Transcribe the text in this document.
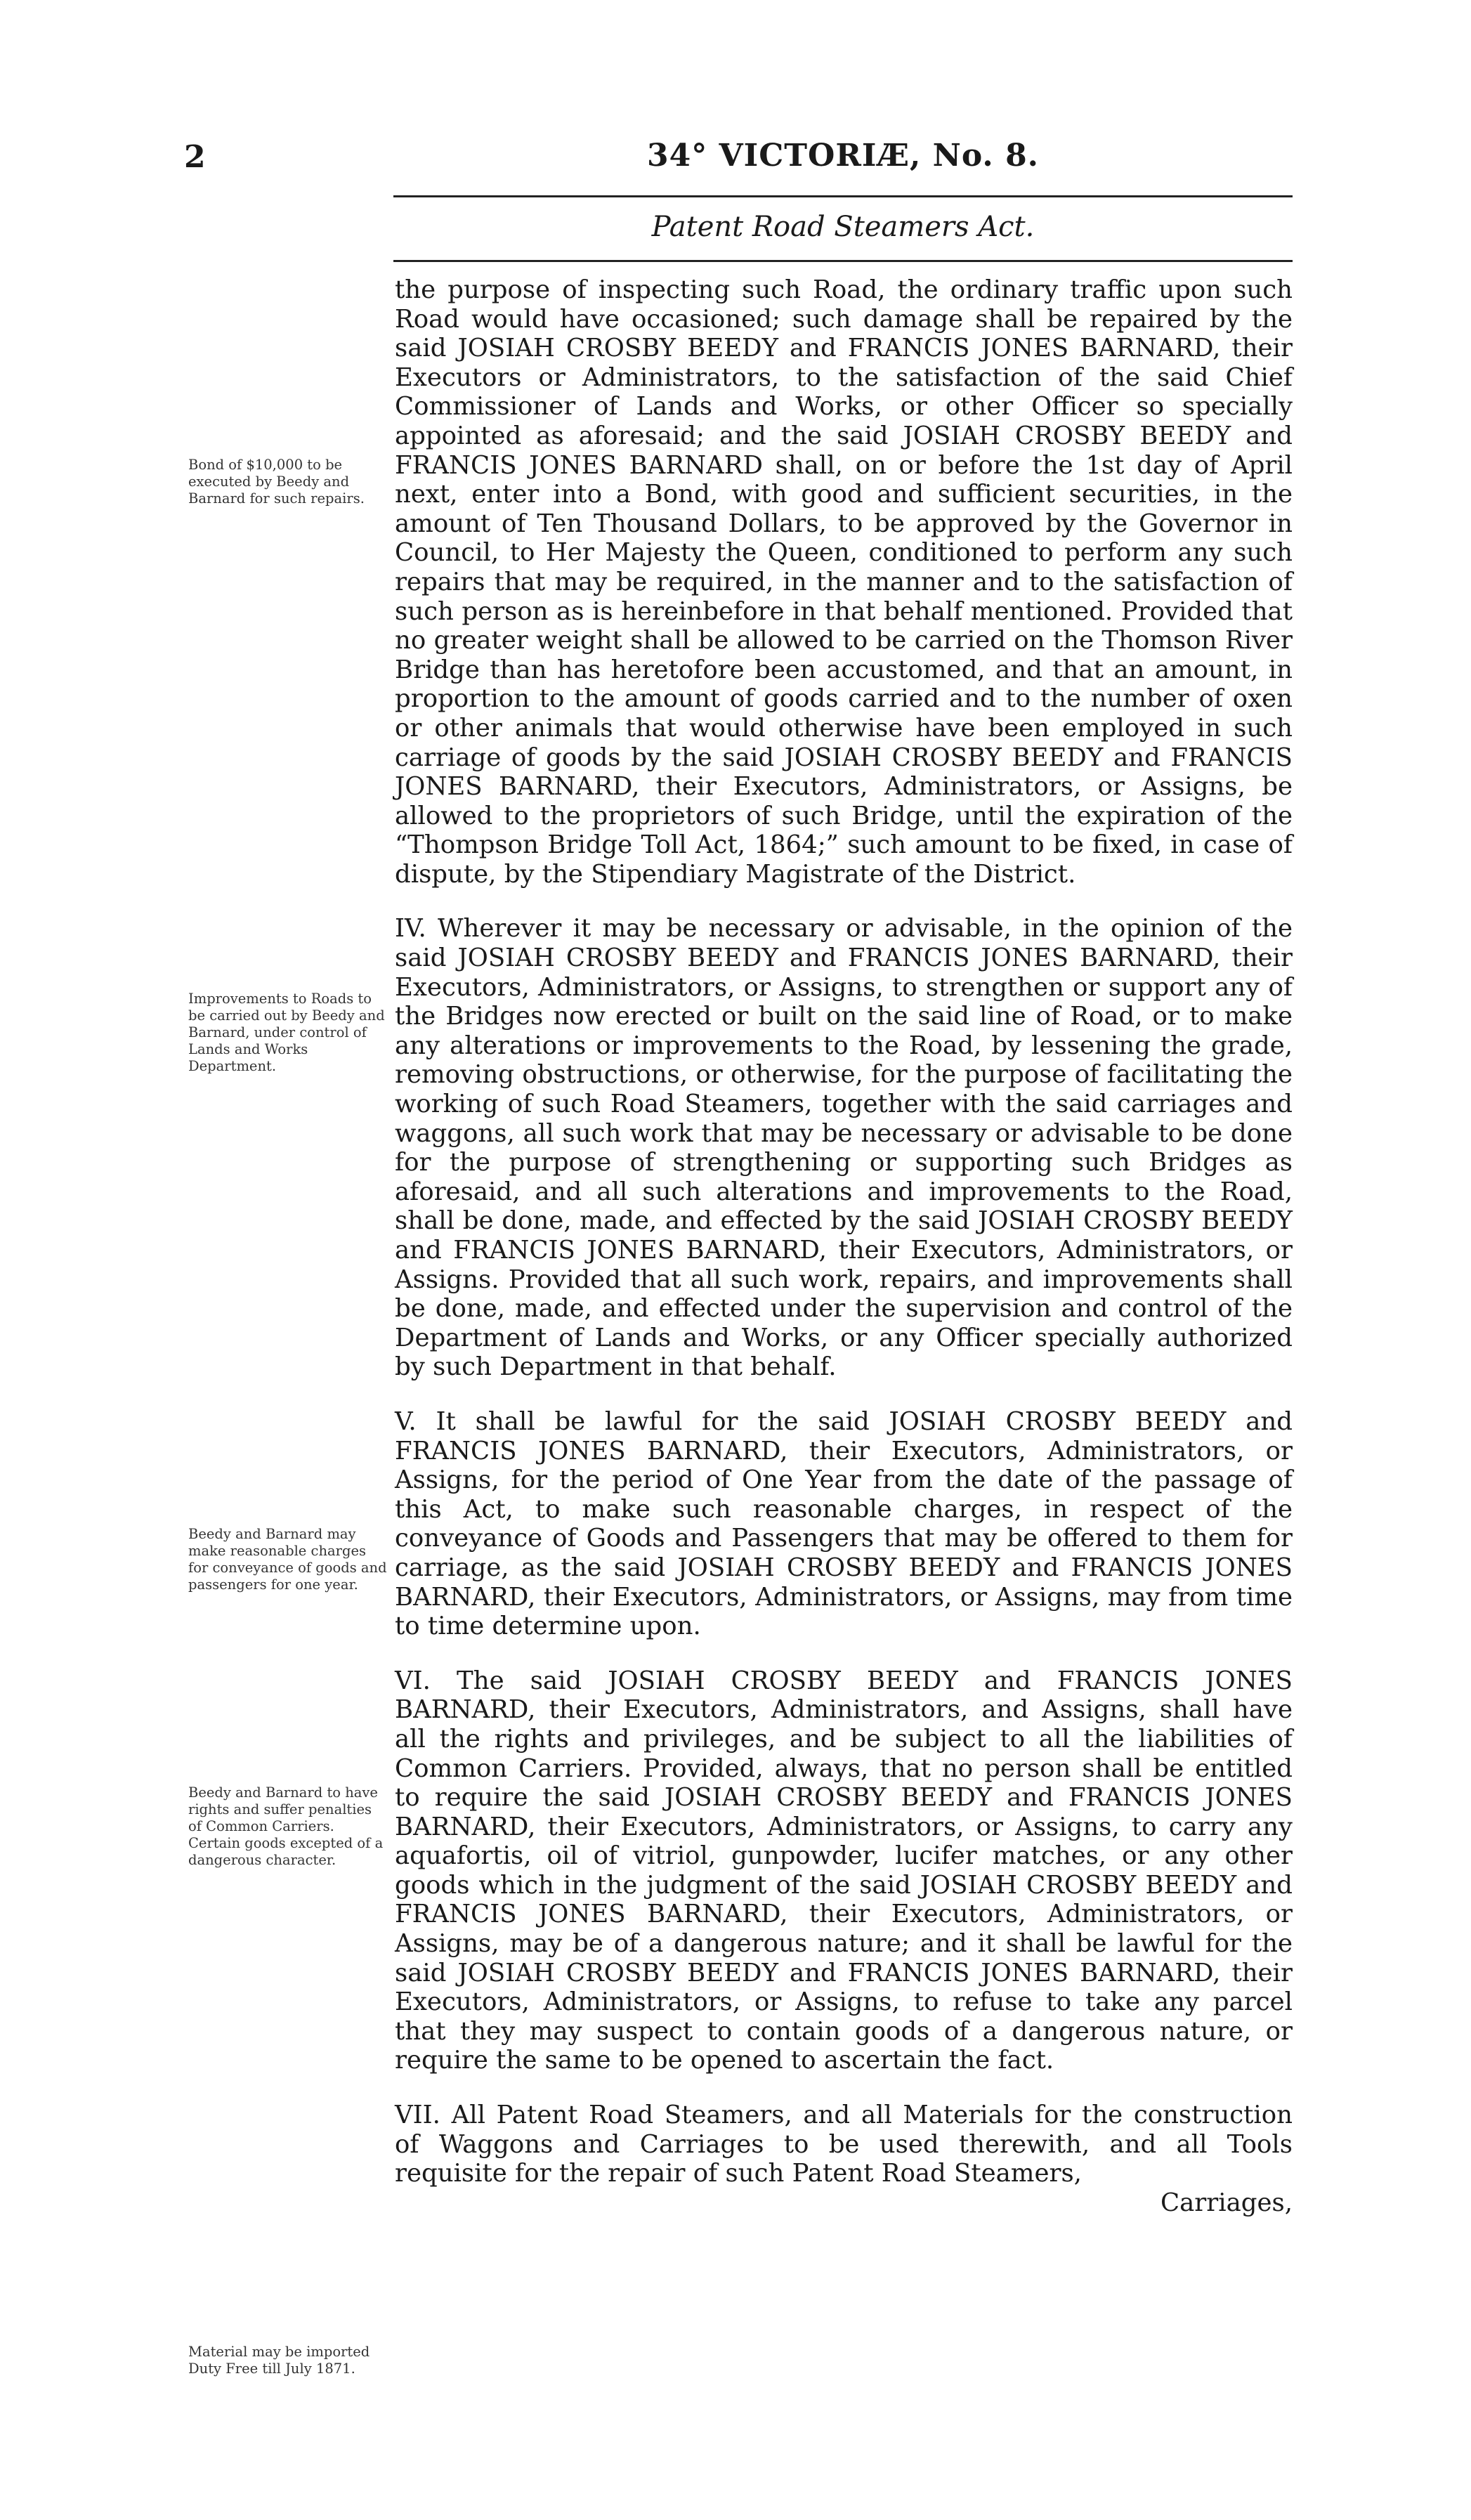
2	34° VICTORIÆ, No. 8.
Patent Road Steamers Act.
Bond of $10,000 to be executed by Beedy and Barnard for such repairs.
Improvements to Roads to be carried out by Beedy and Barnard, under control of Lands and Works Department.
Beedy and Barnard may make reasonable charges for conveyance of goods and passengers for one year.
Beedy and Barnard to have rights and suffer penalties of Common Carriers. Certain goods excepted of a dangerous character.
Material may be imported Duty Free till July 1871.

the purpose of inspecting such Road, the ordinary traffic upon such Road would have occasioned; such damage shall be repaired by the said JOSIAH CROSBY BEEDY and FRANCIS JONES BARNARD, their Executors or Administrators, to the satisfaction of the said Chief Commissioner of Lands and Works, or other Officer so specially appointed as aforesaid; and the said JOSIAH CROSBY BEEDY and FRANCIS JONES BARNARD shall, on or before the 1st day of April next, enter into a Bond, with good and sufficient securities, in the amount of Ten Thousand Dollars, to be approved by the Governor in Council, to Her Majesty the Queen, conditioned to perform any such repairs that may be required, in the manner and to the satisfaction of such person as is hereinbefore in that behalf mentioned. Provided that no greater weight shall be allowed to be carried on the Thomson River Bridge than has heretofore been accustomed, and that an amount, in proportion to the amount of goods carried and to the number of oxen or other animals that would otherwise have been employed in such carriage of goods by the said JOSIAH CROSBY BEEDY and FRANCIS JONES BARNARD, their Executors, Administrators, or Assigns, be allowed to the proprietors of such Bridge, until the expiration of the “Thompson Bridge Toll Act, 1864;” such amount to be fixed, in case of dispute, by the Stipendiary Magistrate of the District.

IV. Wherever it may be necessary or advisable, in the opinion of the said JOSIAH CROSBY BEEDY and FRANCIS JONES BARNARD, their Executors, Administrators, or Assigns, to strengthen or support any of the Bridges now erected or built on the said line of Road, or to make any alterations or improvements to the Road, by lessening the grade, removing obstructions, or otherwise, for the purpose of facilitating the working of such Road Steamers, together with the said carriages and waggons, all such work that may be necessary or advisable to be done for the purpose of strengthening or supporting such Bridges as aforesaid, and all such alterations and improvements to the Road, shall be done, made, and effected by the said JOSIAH CROSBY BEEDY and FRANCIS JONES BARNARD, their Executors, Administrators, or Assigns. Provided that all such work, repairs, and improvements shall be done, made, and effected under the supervision and control of the Department of Lands and Works, or any Officer specially authorized by such Department in that behalf.

V. It shall be lawful for the said JOSIAH CROSBY BEEDY and FRANCIS JONES BARNARD, their Executors, Administrators, or Assigns, for the period of One Year from the date of the passage of this Act, to make such reasonable charges, in respect of the conveyance of Goods and Passengers that may be offered to them for carriage, as the said JOSIAH CROSBY BEEDY and FRANCIS JONES BARNARD, their Executors, Administrators, or Assigns, may from time to time determine upon.

VI. The said JOSIAH CROSBY BEEDY and FRANCIS JONES BARNARD, their Executors, Administrators, and Assigns, shall have all the rights and privileges, and be subject to all the liabilities of Common Carriers. Provided, always, that no person shall be entitled to require the said JOSIAH CROSBY BEEDY and FRANCIS JONES BARNARD, their Executors, Administrators, or Assigns, to carry any aquafortis, oil of vitriol, gunpowder, lucifer matches, or any other goods which in the judgment of the said JOSIAH CROSBY BEEDY and FRANCIS JONES BARNARD, their Executors, Administrators, or Assigns, may be of a dangerous nature; and it shall be lawful for the said JOSIAH CROSBY BEEDY and FRANCIS JONES BARNARD, their Executors, Administrators, or Assigns, to refuse to take any parcel that they may suspect to contain goods of a dangerous nature, or require the same to be opened to ascertain the fact.

VII. All Patent Road Steamers, and all Materials for the construction of Waggons and Carriages to be used therewith, and all Tools requisite for the repair of such Patent Road Steamers,

Carriages,
